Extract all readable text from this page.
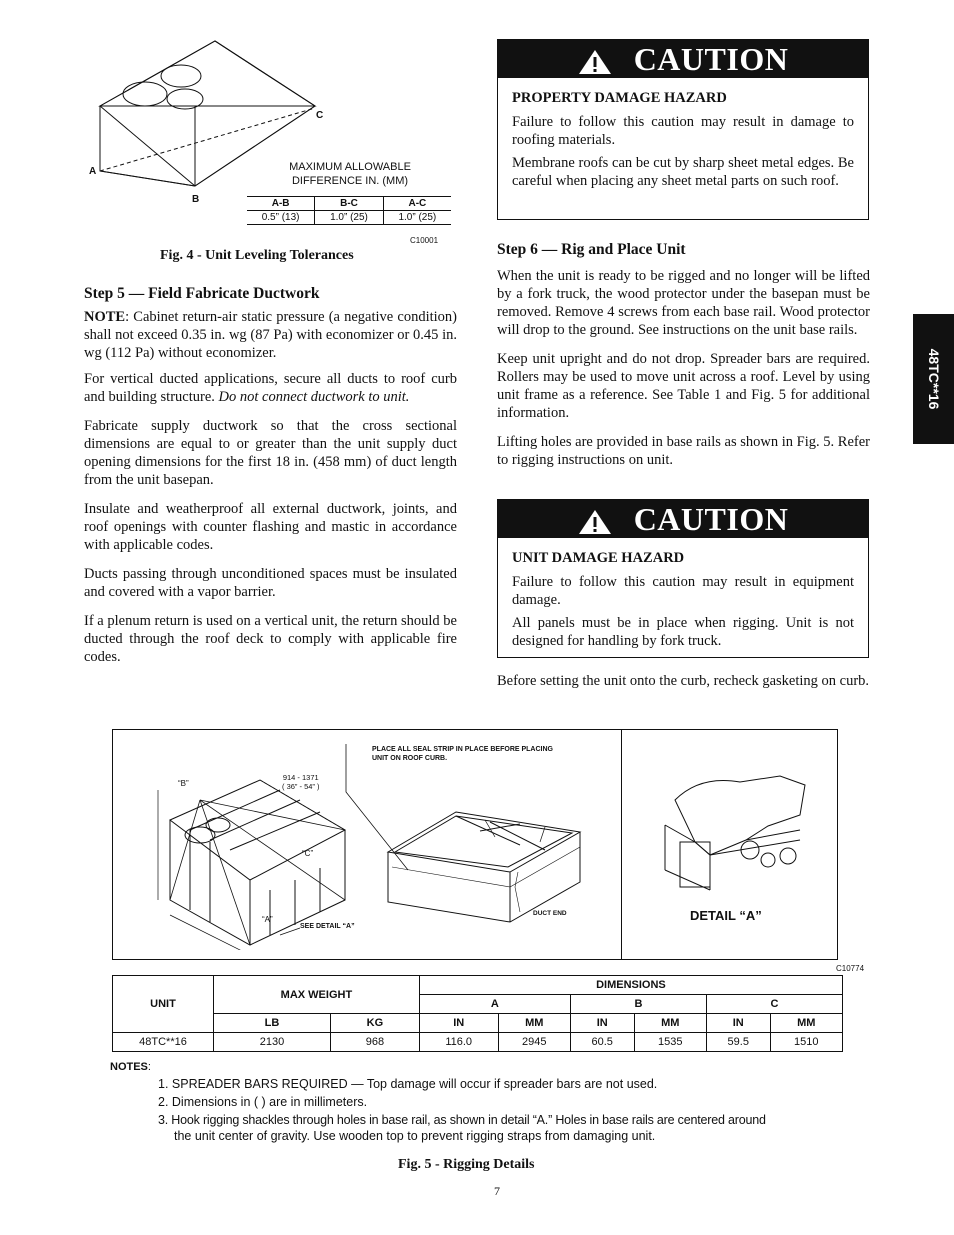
A
B
C
MAXIMUM ALLOWABLE
DIFFERENCE IN. (MM)
A-B	B-C	A-C
0.5” (13)	1.0” (25)	1.0” (25)
C10001
Fig. 4 - Unit Leveling Tolerances
Step 5 — Field Fabricate Ductwork

NOTE: Cabinet return-air static pressure (a negative condition) shall not exceed 0.35 in. wg (87 Pa) with economizer or 0.45 in. wg (112 Pa) without economizer.

For vertical ducted applications, secure all ducts to roof curb and building structure. Do not connect ductwork to unit.

Fabricate supply ductwork so that the cross sectional dimensions are equal to or greater than the unit supply duct opening dimensions for the first 18 in. (458 mm) of duct length from the unit basepan.

Insulate and weatherproof all external ductwork, joints, and roof openings with counter flashing and mastic in accordance with applicable codes.

Ducts passing through unconditioned spaces must be insulated and covered with a vapor barrier.

If a plenum return is used on a vertical unit, the return should be ducted through the roof deck to comply with applicable fire codes.

CAUTION
PROPERTY DAMAGE HAZARD

Failure to follow this caution may result in damage to roofing materials.

Membrane roofs can be cut by sharp sheet metal edges. Be careful when placing any sheet metal parts on such roof.

Step 6 — Rig and Place Unit

When the unit is ready to be rigged and no longer will be lifted by a fork truck, the wood protector under the basepan must be removed. Remove 4 screws from each base rail. Wood protector will drop to the ground. See instructions on the unit base rails.

Keep unit upright and do not drop. Spreader bars are required. Rollers may be used to move unit across a roof. Level by using unit frame as a reference. See Table 1 and Fig. 5 for additional information.

Lifting holes are provided in base rails as shown in Fig. 5. Refer to rigging instructions on unit.

CAUTION
UNIT DAMAGE HAZARD

Failure to follow this caution may result in equipment damage.

All panels must be in place when rigging. Unit is not designed for handling by fork truck.

Before setting the unit onto the curb, recheck gasketing on curb.

48TC**16
“B”
914 - 1371
( 36” - 54” )
“C”
“A”
SEE DETAIL “A”
PLACE ALL SEAL STRIP IN PLACE BEFORE PLACING
UNIT ON ROOF CURB.
DUCT END	DETAIL “A”
C10774
UNIT	MAX WEIGHT		DIMENSIONS					
			A		B		C	
	LB	KG	IN	MM	IN	MM	IN	MM
48TC**16	2130	968	116.0	2945	60.5	1535	59.5	1510
NOTES:
1. SPREADER BARS REQUIRED — Top damage will occur if spreader bars are not used.
2. Dimensions in ( ) are in millimeters.
3. Hook rigging shackles through holes in base rail, as shown in detail “A.” Holes in base rails are centered around
the unit center of gravity. Use wooden top to prevent rigging straps from damaging unit.
Fig. 5 - Rigging Details
7
